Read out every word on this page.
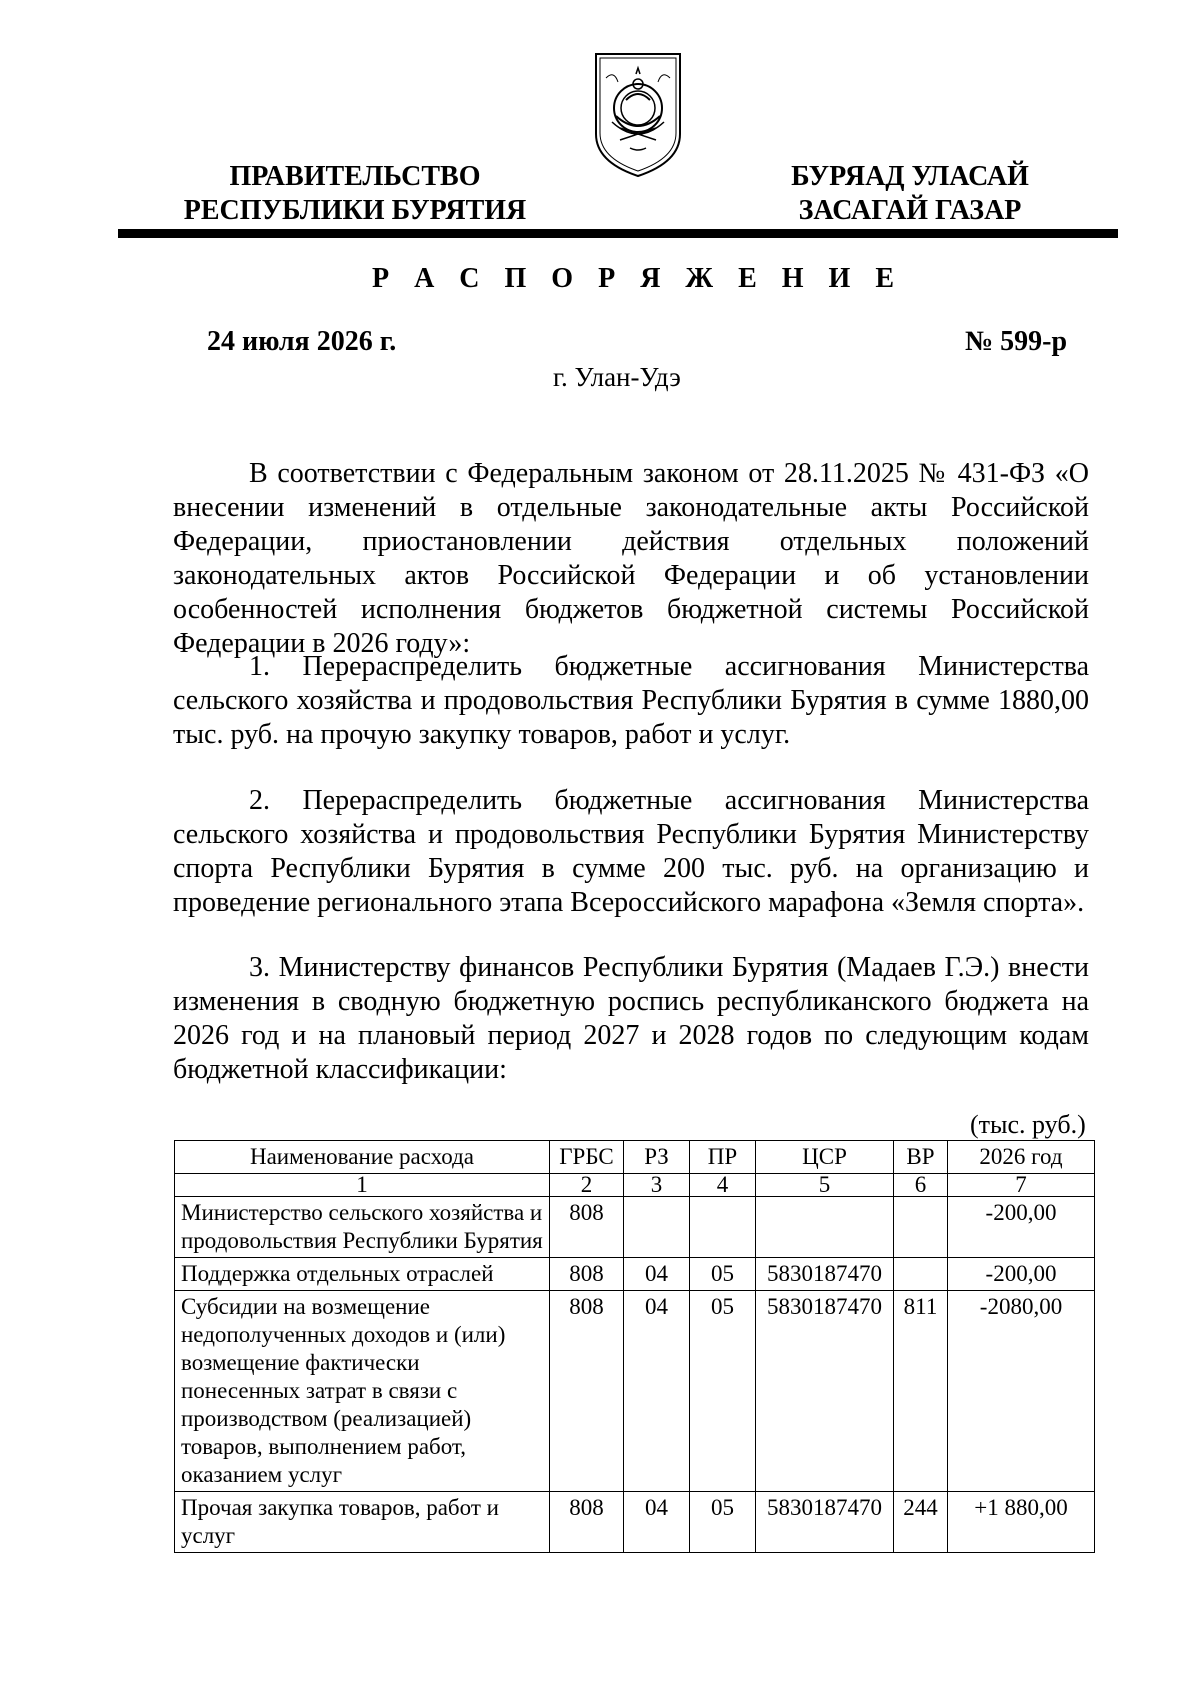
ПРАВИТЕЛЬСТВО
РЕСПУБЛИКИ БУРЯТИЯ
БУРЯАД УЛАСАЙ
ЗАСАГАЙ ГАЗАР
Р А С П О Р Я Ж Е Н И Е
24 июля 2026 г.	№ 599-р
г. Улан-Удэ

В соответствии с Федеральным законом от 28.11.2025 № 431-ФЗ «О внесении изменений в отдельные законодательные акты Российской Федерации, приостановлении действия отдельных положений законодательных актов Российской Федерации и об установлении особенностей исполнения бюджетов бюджетной системы Российской Федерации в 2026 году»:

1. Перераспределить бюджетные ассигнования Министерства сельского хозяйства и продовольствия Республики Бурятия в сумме 1880,00 тыс. руб. на прочую закупку товаров, работ и услуг.

2. Перераспределить бюджетные ассигнования Министерства сельского хозяйства и продовольствия Республики Бурятия Министерству спорта Республики Бурятия в сумме 200 тыс. руб. на организацию и проведение регионального этапа Всероссийского марафона «Земля спорта».

3. Министерству финансов Республики Бурятия (Мадаев Г.Э.) внести изменения в сводную бюджетную роспись республиканского бюджета на 2026 год и на плановый период 2027 и 2028 годов по следующим кодам бюджетной классификации:

(тыс. руб.)
Наименование расхода	ГРБС	РЗ	ПР	ЦСР	ВР	2026 год
1	2	3	4	5	6	7
Министерство сельского хозяйства и продовольствия Республики Бурятия	808					-200,00
Поддержка отдельных отраслей	808	04	05	5830187470		-200,00
Субсидии на возмещение недополученных доходов и (или) возмещение фактически понесенных затрат в связи с производством (реализацией) товаров, выполнением работ, оказанием услуг	808	04	05	5830187470	811	-2080,00
Прочая закупка товаров, работ и услуг	808	04	05	5830187470	244	+1 880,00
